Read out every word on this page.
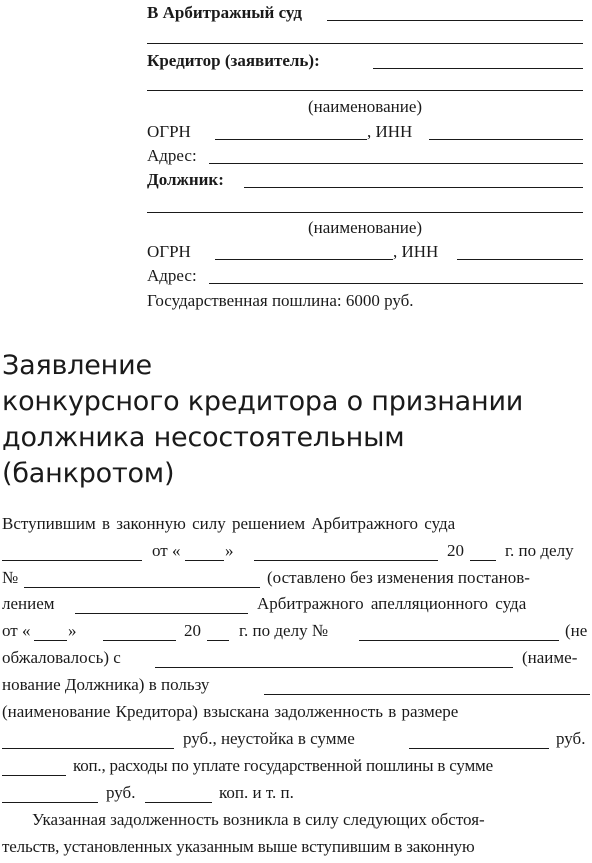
В Арбитражный суд
Кредитор (заявитель):
(наименование)
ОГРН	, ИНН
Адрес:
Должник:
(наименование)
ОГРН	, ИНН
Адрес:
Государственная пошлина: 6000 руб.
Заявление
конкурсного кредитора о признании
должника несостоятельным
(банкротом)
Вступившим в законную силу решением Арбитражного суда
от «	»	20 г. по делу
№	(оставлено без изменения постанов-
лением	Арбитражного апелляционного суда
от « »	20 г. по делу №	(не
обжаловалось) с	(наиме-
нование Должника) в пользу
(наименование Кредитора) взыскана задолженность в размере
руб., неустойка в сумме	руб.
коп., расходы по уплате государственной пошлины в сумме
руб.	коп. и т. п.
Указанная задолженность возникла в силу следующих обстоя-
тельств, установленных указанным выше вступившим в законную
